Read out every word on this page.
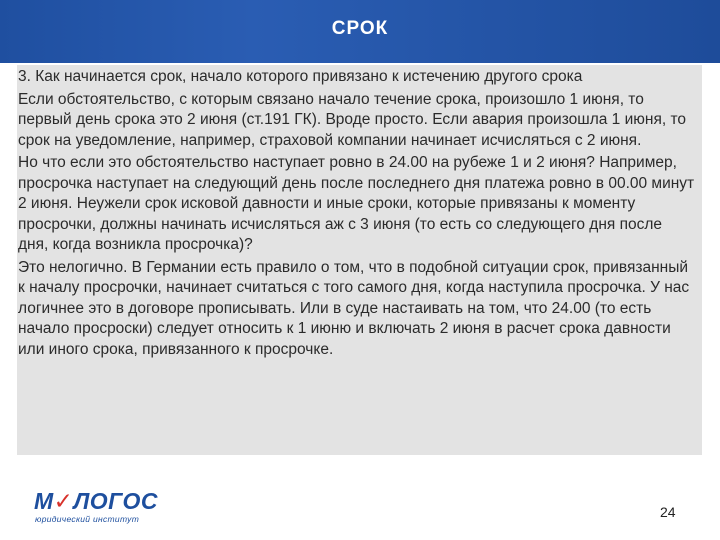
СРОК

3. Как начинается срок, начало которого привязано к истечению другого срока

Если обстоятельство, с которым связано начало течение срока, произошло 1 июня, то первый день срока это 2 июня (ст.191 ГК). Вроде просто. Если авария произошла 1 июня, то срок на уведомление, например, страховой компании начинает исчисляться с 2 июня.

Но что если это обстоятельство наступает ровно в 24.00 на рубеже 1 и 2 июня? Например, просрочка наступает на следующий день после последнего дня платежа ровно в 00.00 минут 2 июня. Неужели срок исковой давности и иные сроки, которые привязаны к моменту просрочки, должны начинать исчисляться аж с 3 июня (то есть со следующего дня после дня, когда возникла просрочка)?

Это нелогично. В Германии есть правило о том, что в подобной ситуации срок, привязанный к началу просрочки, начинает считаться с того самого дня, когда наступила просрочка. У нас логичнее это в договоре прописывать. Или в суде настаивать на том, что 24.00 (то есть начало просроски) следует относить к 1 июню и включать 2 июня в расчет срока давности или иного срока, привязанного к просрочке.

М✓ЛОГОС
юридический институт	24
